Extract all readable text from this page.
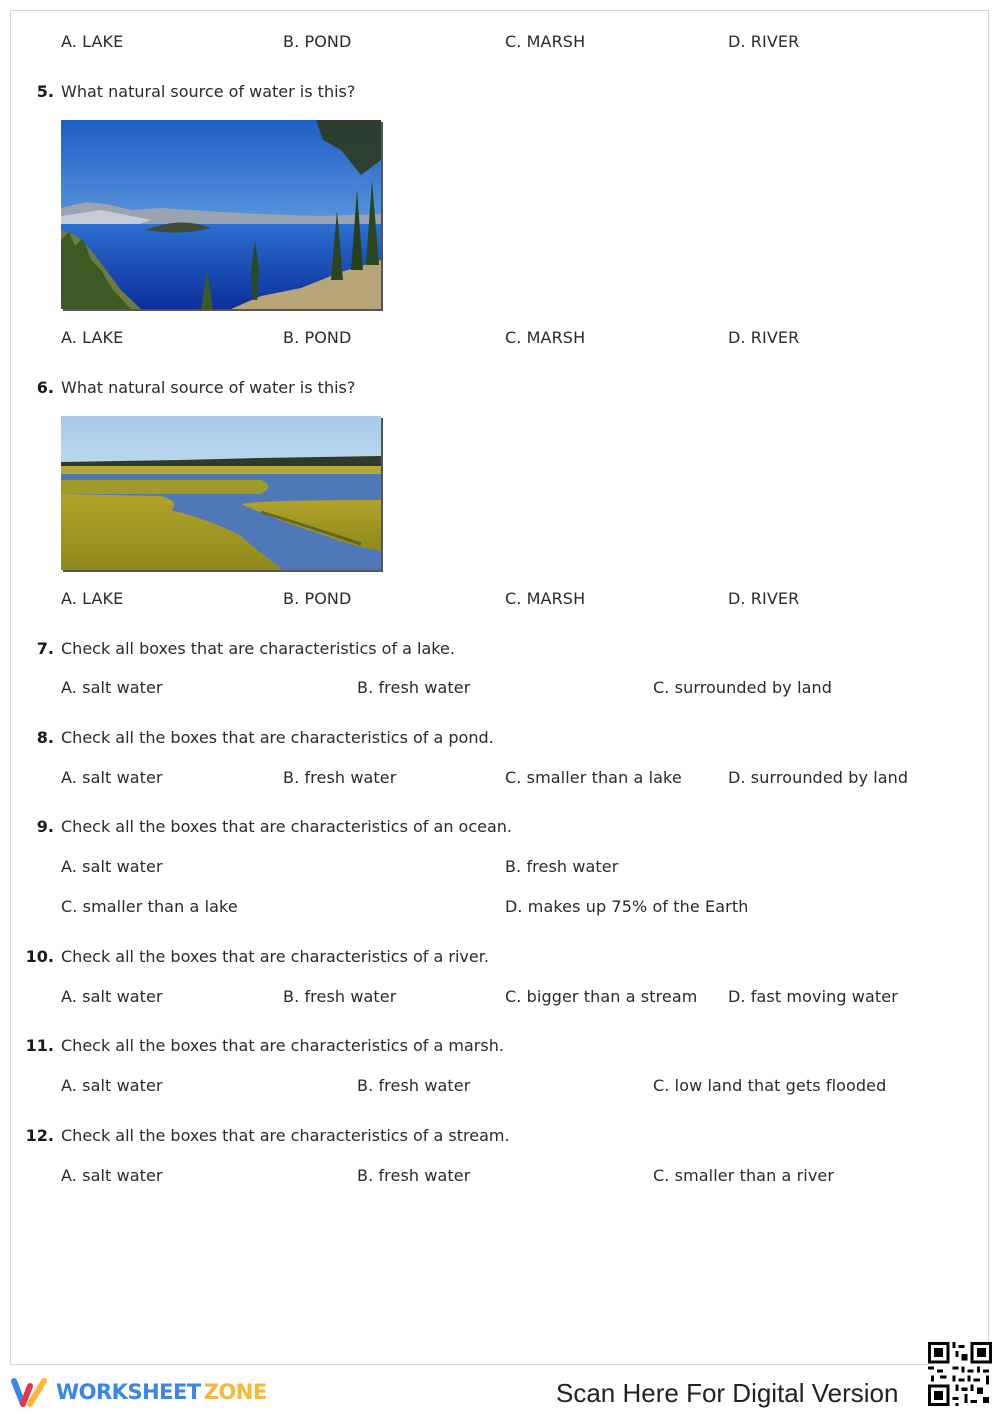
A. LAKE	B. POND	C. MARSH	D. RIVER
5. What natural source of water is this?
A. LAKE	B. POND	C. MARSH	D. RIVER
6. What natural source of water is this?
A. LAKE	B. POND	C. MARSH	D. RIVER
7. Check all boxes that are characteristics of a lake.
A. salt water	B. fresh water	C. surrounded by land
8. Check all the boxes that are characteristics of a pond.
A. salt water	B. fresh water	C. smaller than a lake	D. surrounded by land
9. Check all the boxes that are characteristics of an ocean.
A. salt water	B. fresh water
C. smaller than a lake	D. makes up 75% of the Earth
10. Check all the boxes that are characteristics of a river.
A. salt water	B. fresh water	C. bigger than a stream D. fast moving water
11. Check all the boxes that are characteristics of a marsh.
A. salt water	B. fresh water	C. low land that gets flooded
12. Check all the boxes that are characteristics of a stream.
A. salt water	B. fresh water	C. smaller than a river
WORKSHEET ZONE	Scan Here For Digital Version
